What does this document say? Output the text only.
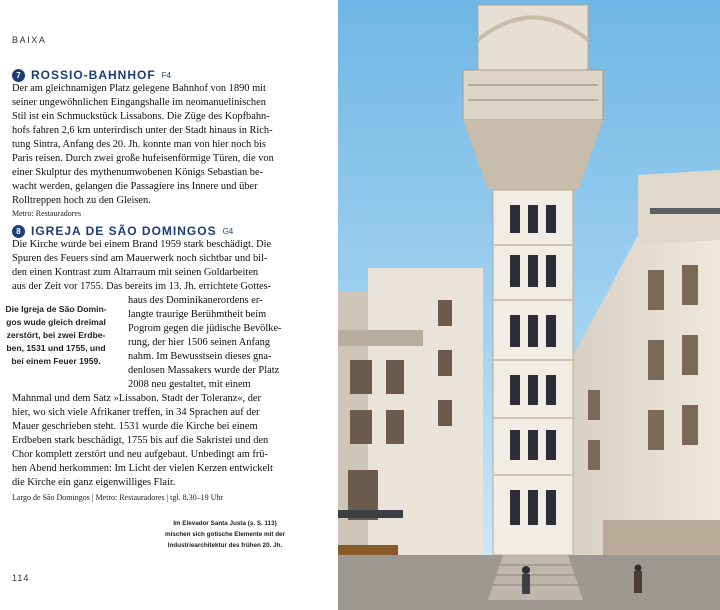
BAIXA
7 ROSSIO-BAHNHOF F4
Der am gleichnamigen Platz gelegene Bahnhof von 1890 mit
seiner ungewöhnlichen Eingangshalle im neomanuelinischen
Stil ist ein Schmuckstück Lissabons. Die Züge des Kopfbahn-
hofs fahren 2,6 km unterirdisch unter der Stadt hinaus in Rich-
tung Sintra, Anfang des 20. Jh. konnte man von hier noch bis
Paris reisen. Durch zwei große hufeisenförmige Türen, die von
einer Skulptur des mythenumwobenen Königs Sebastian be-
wacht werden, gelangen die Passagiere ins Innere und über
Rolltreppen hoch zu den Gleisen.
Metro: Restauradores
8 IGREJA DE SÃO DOMINGOS G4
Die Kirche wurde bei einem Brand 1959 stark beschädigt. Die
Spuren des Feuers sind am Mauerwerk noch sichtbar und bil-
den einen Kontrast zum Altarraum mit seinen Goldarbeiten
aus der Zeit vor 1755. Das bereits im 13. Jh. errichtete Gottes-
haus des Dominikanerordens er-
langte traurige Berühmtheit beim
Pogrom gegen die jüdische Bevölke-
rung, der hier 1506 seinen Anfang
nahm. Im Bewusstsein dieses gna-
denlosen Massakers wurde der Platz
2008 neu gestaltet, mit einem
Die Igreja de São Domin-
gos wude gleich dreimal
zerstört, bei zwei Erdbe-
ben, 1531 und 1755, und
bei einem Feuer 1959.
Mahnmal und dem Satz »Lissabon. Stadt der Toleranz«, der
hier, wo sich viele Afrikaner treffen, in 34 Sprachen auf der
Mauer geschrieben steht. 1531 wurde die Kirche bei einem
Erdbeben stark beschädigt, 1755 bis auf die Sakristei und den
Chor komplett zerstört und neu aufgebaut. Unbedingt am frü-
hen Abend herkommen: Im Licht der vielen Kerzen entwickelt
die Kirche ein ganz eigenwilliges Flair.
Largo de São Domingos | Metro: Restauradores | tgl. 8.30–19 Uhr
Im Elevador Santa Justa (s. S. 113)
mischen sich gotische Elemente mit der
Industriearchitektur des frühen 20. Jh.
114
